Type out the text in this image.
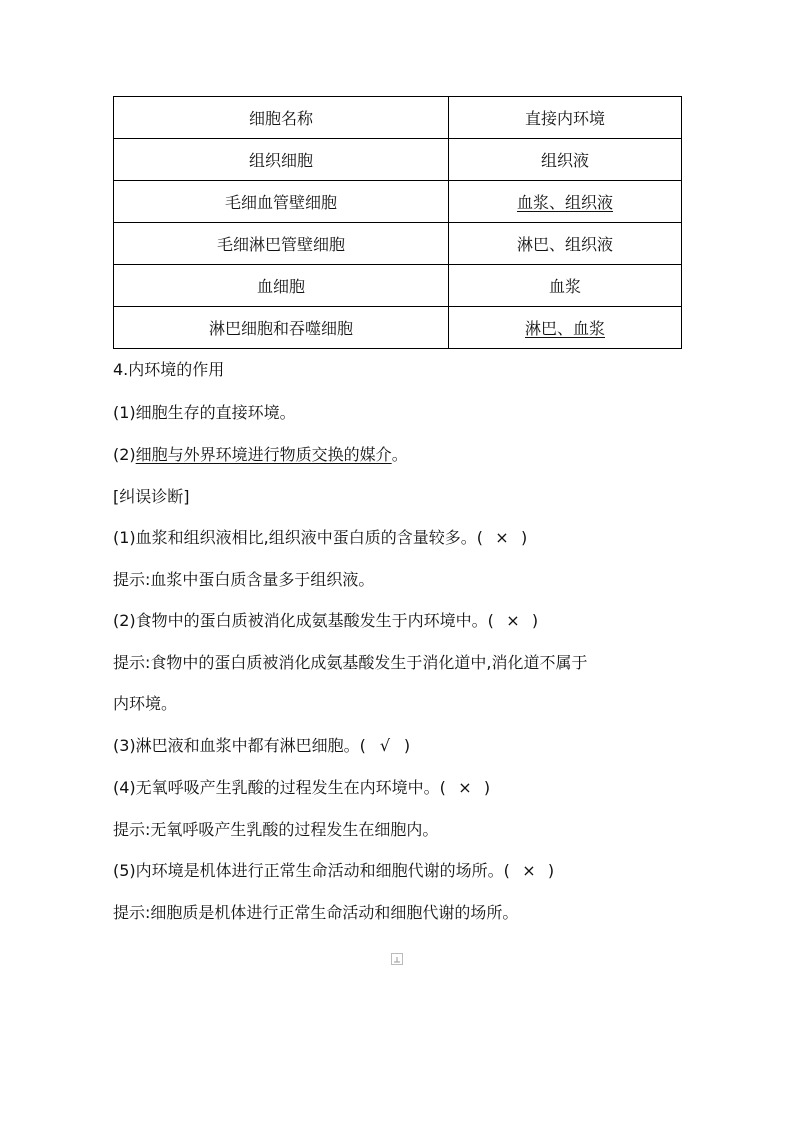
细胞名称	直接内环境
组织细胞	组织液
毛细血管壁细胞	血浆、组织液
毛细淋巴管壁细胞	淋巴、组织液
血细胞	血浆
淋巴细胞和吞噬细胞	淋巴、血浆

4.内环境的作用

(1)细胞生存的直接环境。

(2)细胞与外界环境进行物质交换的媒介。

[纠误诊断]

(1)血浆和组织液相比,组织液中蛋白质的含量较多。( × )

提示:血浆中蛋白质含量多于组织液。

(2)食物中的蛋白质被消化成氨基酸发生于内环境中。( × )

提示:食物中的蛋白质被消化成氨基酸发生于消化道中,消化道不属于

内环境。

(3)淋巴液和血浆中都有淋巴细胞。( √ )

(4)无氧呼吸产生乳酸的过程发生在内环境中。( × )

提示:无氧呼吸产生乳酸的过程发生在细胞内。

(5)内环境是机体进行正常生命活动和细胞代谢的场所。( × )

提示:细胞质是机体进行正常生命活动和细胞代谢的场所。
